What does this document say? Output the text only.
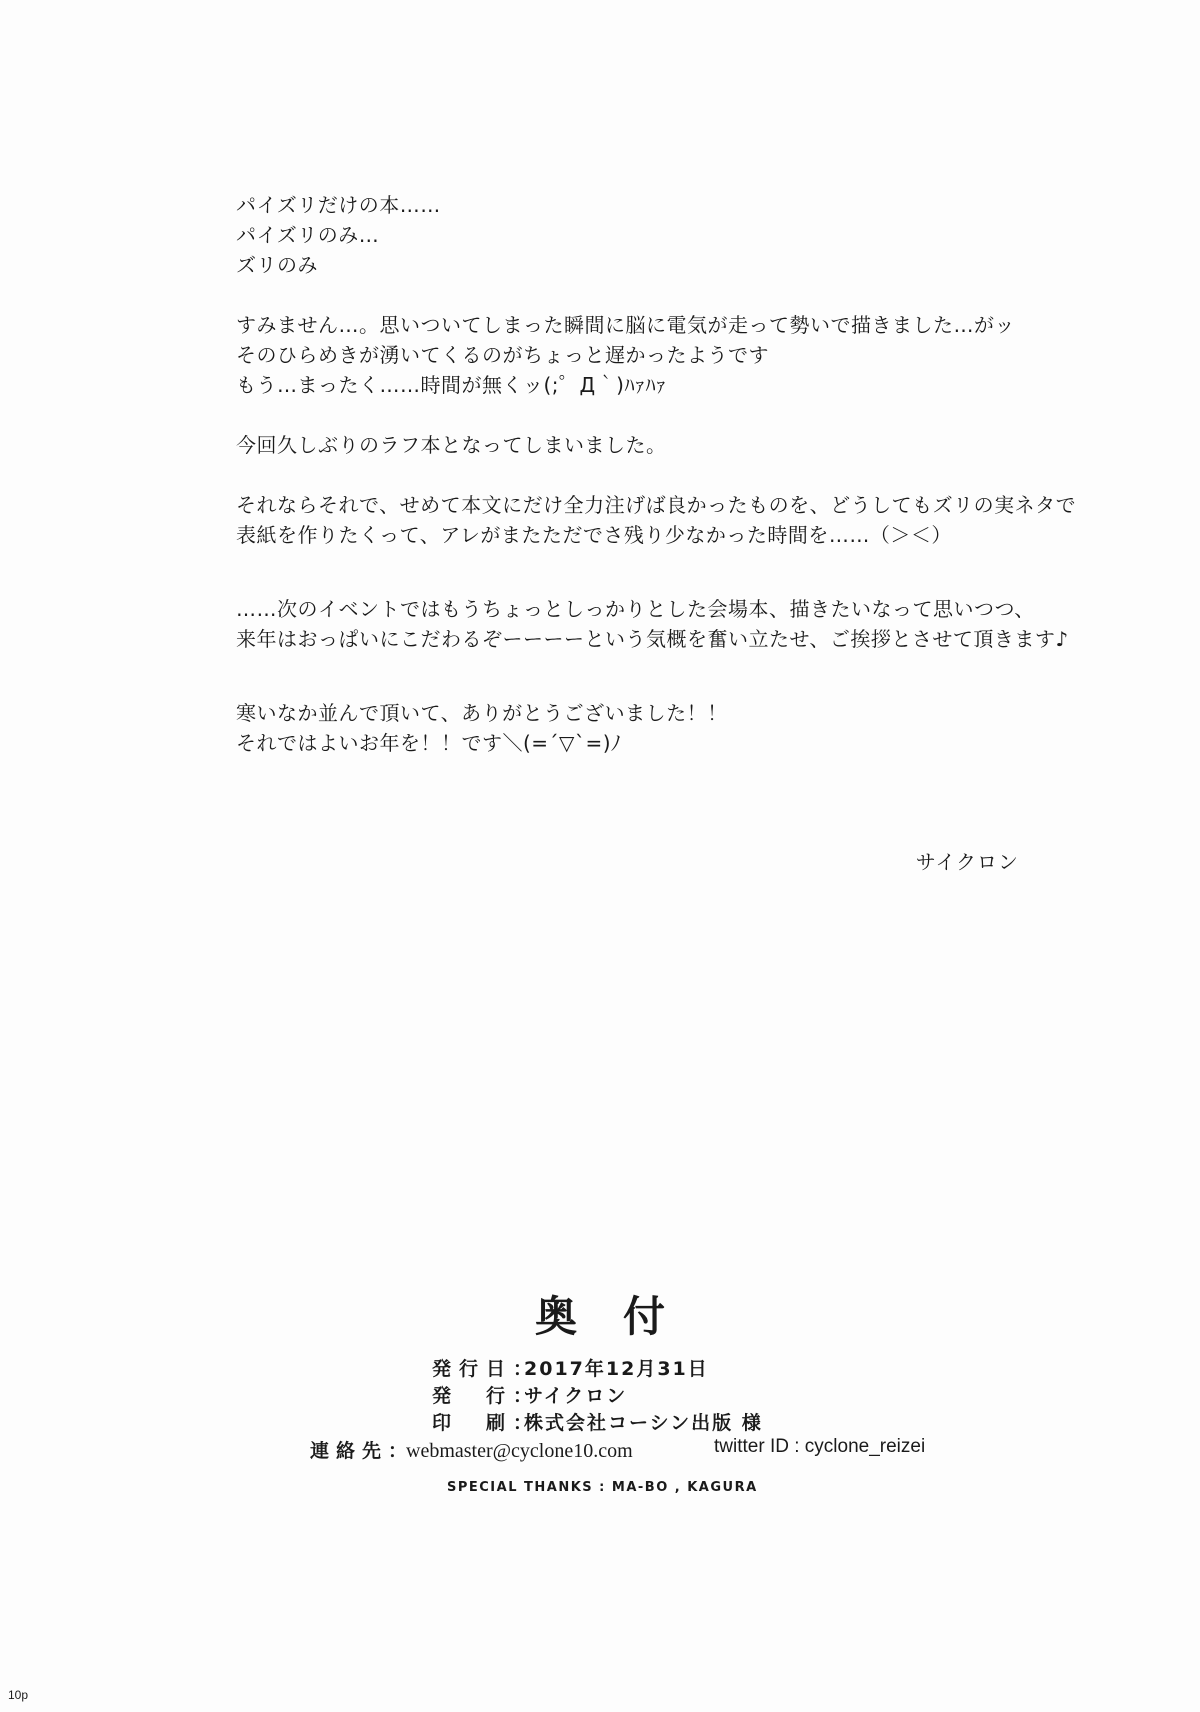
パイズリだけの本……
パイズリのみ…
ズリのみ
すみません…。思いついてしまった瞬間に脳に電気が走って勢いで描きました…がッ
そのひらめきが湧いてくるのがちょっと遅かったようです
もう…まったく……時間が無くッ(;゜Д｀)ﾊｧﾊｧ
今回久しぶりのラフ本となってしまいました。
それならそれで、せめて本文にだけ全力注げば良かったものを、どうしてもズリの実ネタで
表紙を作りたくって、アレがまたただでさ残り少なかった時間を……（＞＜）
……次のイベントではもうちょっとしっかりとした会場本、描きたいなって思いつつ、
来年はおっぱいにこだわるぞーーーーという気概を奮い立たせ、ご挨拶とさせて頂きます♪
寒いなか並んで頂いて、ありがとうございました！！
それではよいお年を！！です＼(=´▽`=)ﾉ
サイクロン
奥付
発行日：2017年12月31日
発　行：サイクロン
印　刷：株式会社コーシン出版 様
連絡先：webmaster@cyclone10.com	twitter ID : cyclone_reizei
SPECIAL THANKS : MA-BO , KAGURA
10p
